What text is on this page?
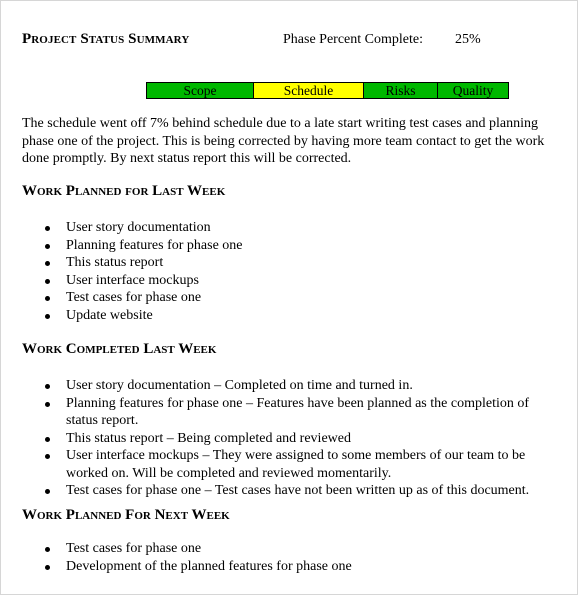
Project Status Summary	Phase Percent Complete: 25%
Scope	Schedule	Risks	Quality
The schedule went off 7% behind schedule due to a late start writing test cases and planning phase one of the project. This is being corrected by having more team contact to get the work done promptly. By next status report this will be corrected.
Work Planned for Last Week
User story documentation
Planning features for phase one
This status report
User interface mockups
Test cases for phase one
Update website
Work Completed Last Week
User story documentation – Completed on time and turned in.
Planning features for phase one – Features have been planned as the completion of status report.
This status report – Being completed and reviewed
User interface mockups – They were assigned to some members of our team to be worked on. Will be completed and reviewed momentarily.
Test cases for phase one – Test cases have not been written up as of this document.
Work Planned For Next Week
Test cases for phase one
Development of the planned features for phase one
